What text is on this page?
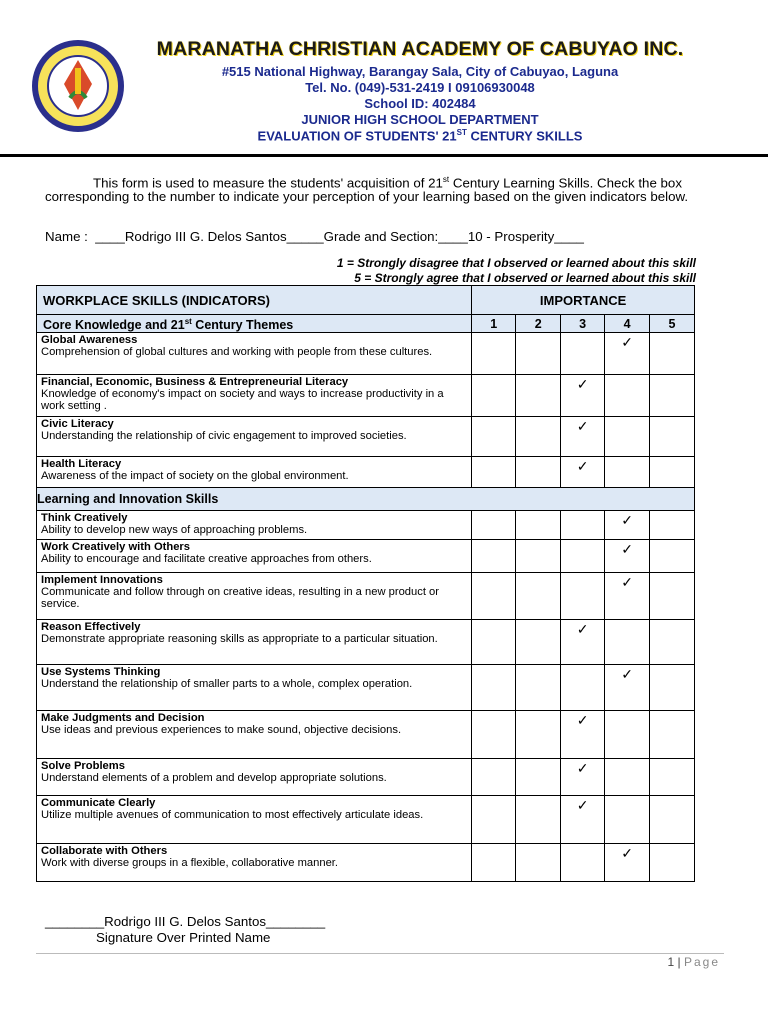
MARANATHA CHRISTIAN ACADEMY OF CABUYAO INC.
#515 National Highway, Barangay Sala, City of Cabuyao, Laguna
Tel. No. (049)-531-2419 I 09106930048
School ID: 402484
JUNIOR HIGH SCHOOL DEPARTMENT
EVALUATION OF STUDENTS' 21ST CENTURY SKILLS
This form is used to measure the students' acquisition of 21st Century Learning Skills. Check the box corresponding to the number to indicate your perception of your learning based on the given indicators below.
Name :  ____Rodrigo III G. Delos Santos_____Grade and Section:____10 - Prosperity____
1 = Strongly disagree that I observed or learned about this skill
5 = Strongly agree that I observed or learned about this skill
WORKPLACE SKILLS (INDICATORS)	IMPORTANCE				
Core Knowledge and 21st Century Themes	1	2	3	4	5

Global Awareness
Comprehension of global cultures and working with people from these cultures.				✓	

Financial, Economic, Business & Entrepreneurial Literacy
Knowledge of economy's impact on society and ways to increase productivity in a work setting .			✓		

Civic Literacy
Understanding the relationship of civic engagement to improved societies.			✓		

Health Literacy
Awareness of the impact of society on the global environment.			✓		
Learning and Innovation Skills					

Think Creatively
Ability to develop new ways of approaching problems.				✓	

Work Creatively with Others
Ability to encourage and facilitate creative approaches from others.				✓	

Implement Innovations
Communicate and follow through on creative ideas, resulting in a new product or service.				✓	

Reason Effectively
Demonstrate appropriate reasoning skills as appropriate to a particular situation.			✓		

Use Systems Thinking
Understand the relationship of smaller parts to a whole, complex operation.				✓	

Make Judgments and Decision
Use ideas and previous experiences to make sound, objective decisions.			✓		

Solve Problems
Understand elements of a problem and develop appropriate solutions.			✓		

Communicate Clearly
Utilize multiple avenues of communication to most effectively articulate ideas.			✓		

Collaborate with Others
Work with diverse groups in a flexible, collaborative manner.				✓	
________Rodrigo III G. Delos Santos________
Signature Over Printed Name
1 | Page
